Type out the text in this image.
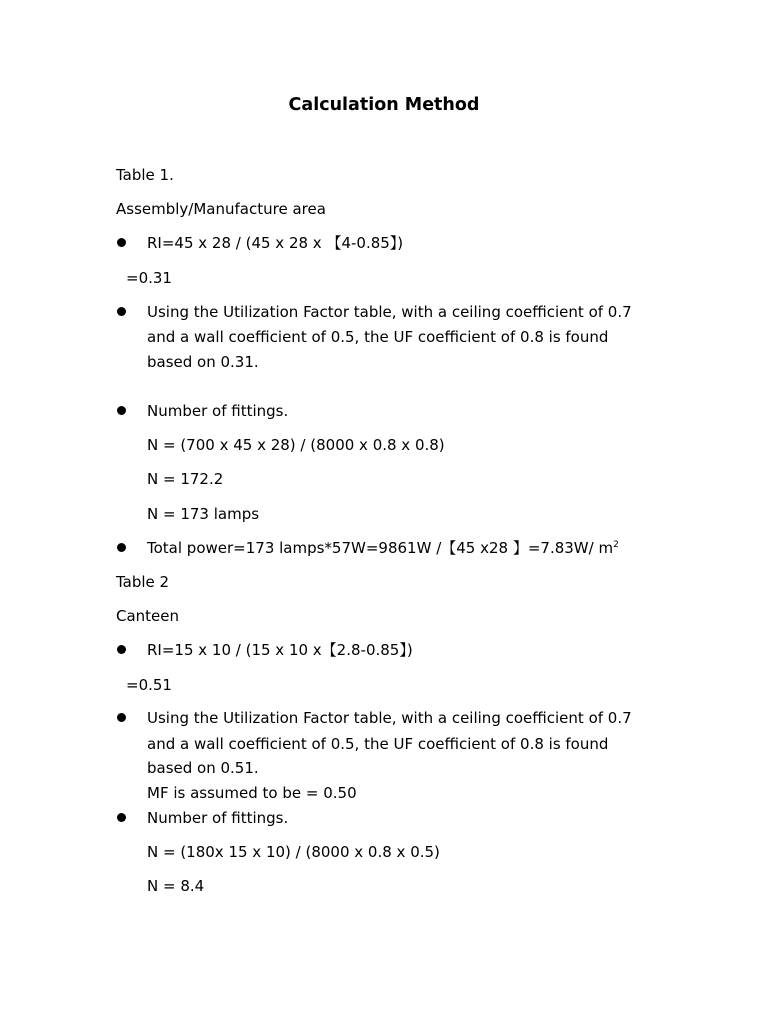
Calculation Method
Table 1.
Assembly/Manufacture area
RI=45 x 28 / (45 x 28 x 【4-0.85】)
=0.31
Using the Utilization Factor table, with a ceiling coefficient of 0.7
and a wall coefficient of 0.5, the UF coefficient of 0.8 is found
based on 0.31.
Number of fittings.
N = (700 x 45 x 28) / (8000 x 0.8 x 0.8)
N = 172.2
N = 173 lamps
Total power=173 lamps*57W=9861W /【45 x28 】=7.83W/ $m^2$
Table 2
Canteen
RI=15 x 10 / (15 x 10 x【2.8-0.85】)
=0.51
Using the Utilization Factor table, with a ceiling coefficient of 0.7
and a wall coefficient of 0.5, the UF coefficient of 0.8 is found
based on 0.51.
MF is assumed to be = 0.50
Number of fittings.
N = (180x 15 x 10) / (8000 x 0.8 x 0.5)
N = 8.4
